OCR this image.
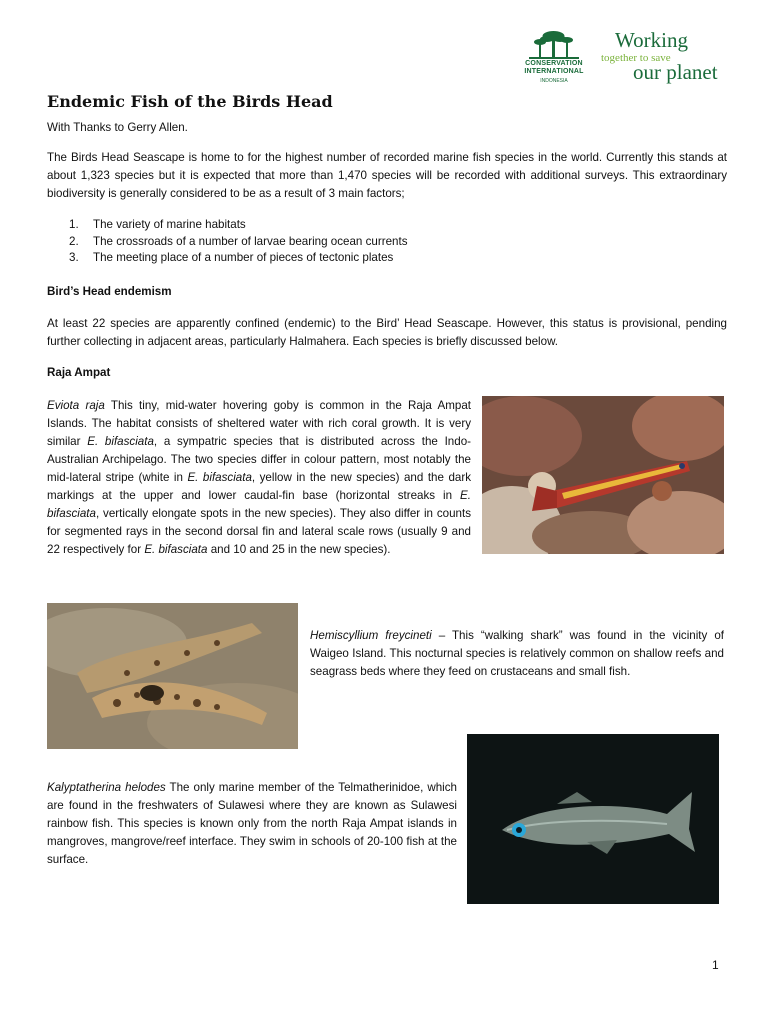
CONSERVATION
INTERNATIONAL
INDONESIA
Working
together to save
our planet
Endemic Fish of the Birds Head
With Thanks to Gerry Allen.
The Birds Head Seascape is home to for the highest number of recorded marine fish species in the world. Currently this stands at about 1,323 species but it is expected that more than 1,470 species will be recorded with additional surveys. This extraordinary biodiversity is generally considered to be as a result of 3 main factors;
1. The variety of marine habitats
2. The crossroads of a number of larvae bearing ocean currents
3. The meeting place of a number of pieces of tectonic plates
Bird’s Head endemism
At least 22 species are apparently confined (endemic) to the Bird’ Head Seascape. However, this status is provisional, pending further collecting in adjacent areas, particularly Halmahera. Each species is briefly discussed below.
Raja Ampat
Eviota raja This tiny, mid-water hovering goby is common in the Raja Ampat Islands. The habitat consists of sheltered water with rich coral growth. It is very similar E. bifasciata, a sympatric species that is distributed across the Indo-Australian Archipelago. The two species differ in colour pattern, most notably the mid-lateral stripe (white in E. bifasciata, yellow in the new species) and the dark markings at the upper and lower caudal-fin base (horizontal streaks in E. bifasciata, vertically elongate spots in the new species). They also differ in counts for segmented rays in the second dorsal fin and lateral scale rows (usually 9 and 22 respectively for E. bifasciata and 10 and 25 in the new species).
Hemiscyllium freycineti – This “walking shark” was found in the vicinity of Waigeo Island. This nocturnal species is relatively common on shallow reefs and seagrass beds where they feed on crustaceans and small fish.
Kalyptatherina helodes The only marine member of the Telmatherinidoe, which are found in the freshwaters of Sulawesi where they are known as Sulawesi rainbow fish. This species is known only from the north Raja Ampat islands in mangroves, mangrove/reef interface. They swim in schools of 20-100 fish at the surface.
1
